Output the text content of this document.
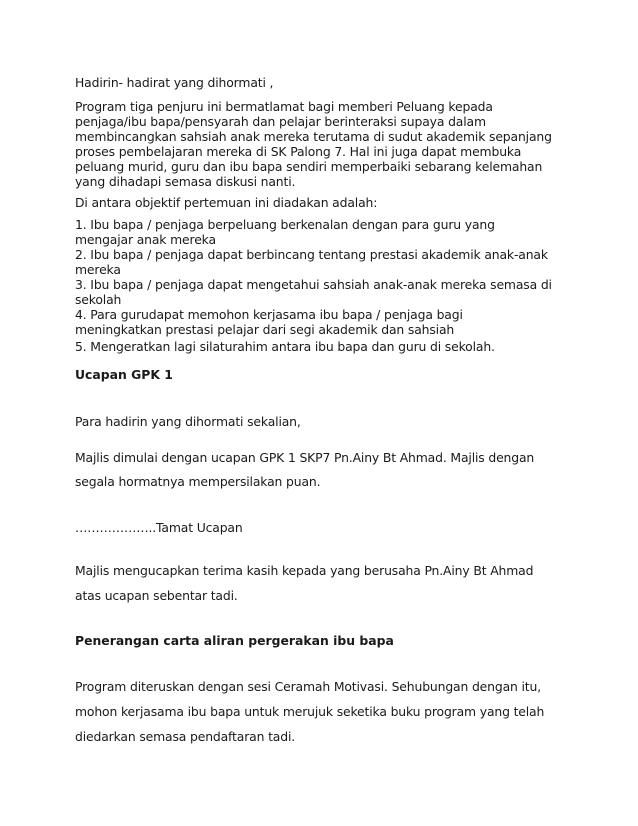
Hadirin- hadirat yang dihormati ,

Program tiga penjuru ini bermatlamat bagi memberi Peluang kepada

penjaga/ibu bapa/pensyarah dan pelajar berinteraksi supaya dalam

membincangkan sahsiah anak mereka terutama di sudut akademik sepanjang

proses pembelajaran mereka di SK Palong 7. Hal ini juga dapat membuka

peluang murid, guru dan ibu bapa sendiri memperbaiki sebarang kelemahan

yang dihadapi semasa diskusi nanti.

Di antara objektif pertemuan ini diadakan adalah:

1. Ibu bapa / penjaga berpeluang berkenalan dengan para guru yang

mengajar anak mereka

2. Ibu bapa / penjaga dapat berbincang tentang prestasi akademik anak-anak

mereka

3. Ibu bapa / penjaga dapat mengetahui sahsiah anak-anak mereka semasa di

sekolah

4. Para gurudapat memohon kerjasama ibu bapa / penjaga bagi

meningkatkan prestasi pelajar dari segi akademik dan sahsiah

5. Mengeratkan lagi silaturahim antara ibu bapa dan guru di sekolah.

Ucapan GPK 1

Para hadirin yang dihormati sekalian,

Majlis dimulai dengan ucapan GPK 1 SKP7 Pn.Ainy Bt Ahmad. Majlis dengan

segala hormatnya mempersilakan puan.

………………..Tamat Ucapan

Majlis mengucapkan terima kasih kepada yang berusaha Pn.Ainy Bt Ahmad

atas ucapan sebentar tadi.

Penerangan carta aliran pergerakan ibu bapa

Program diteruskan dengan sesi Ceramah Motivasi. Sehubungan dengan itu,

mohon kerjasama ibu bapa untuk merujuk seketika buku program yang telah

diedarkan semasa pendaftaran tadi.
